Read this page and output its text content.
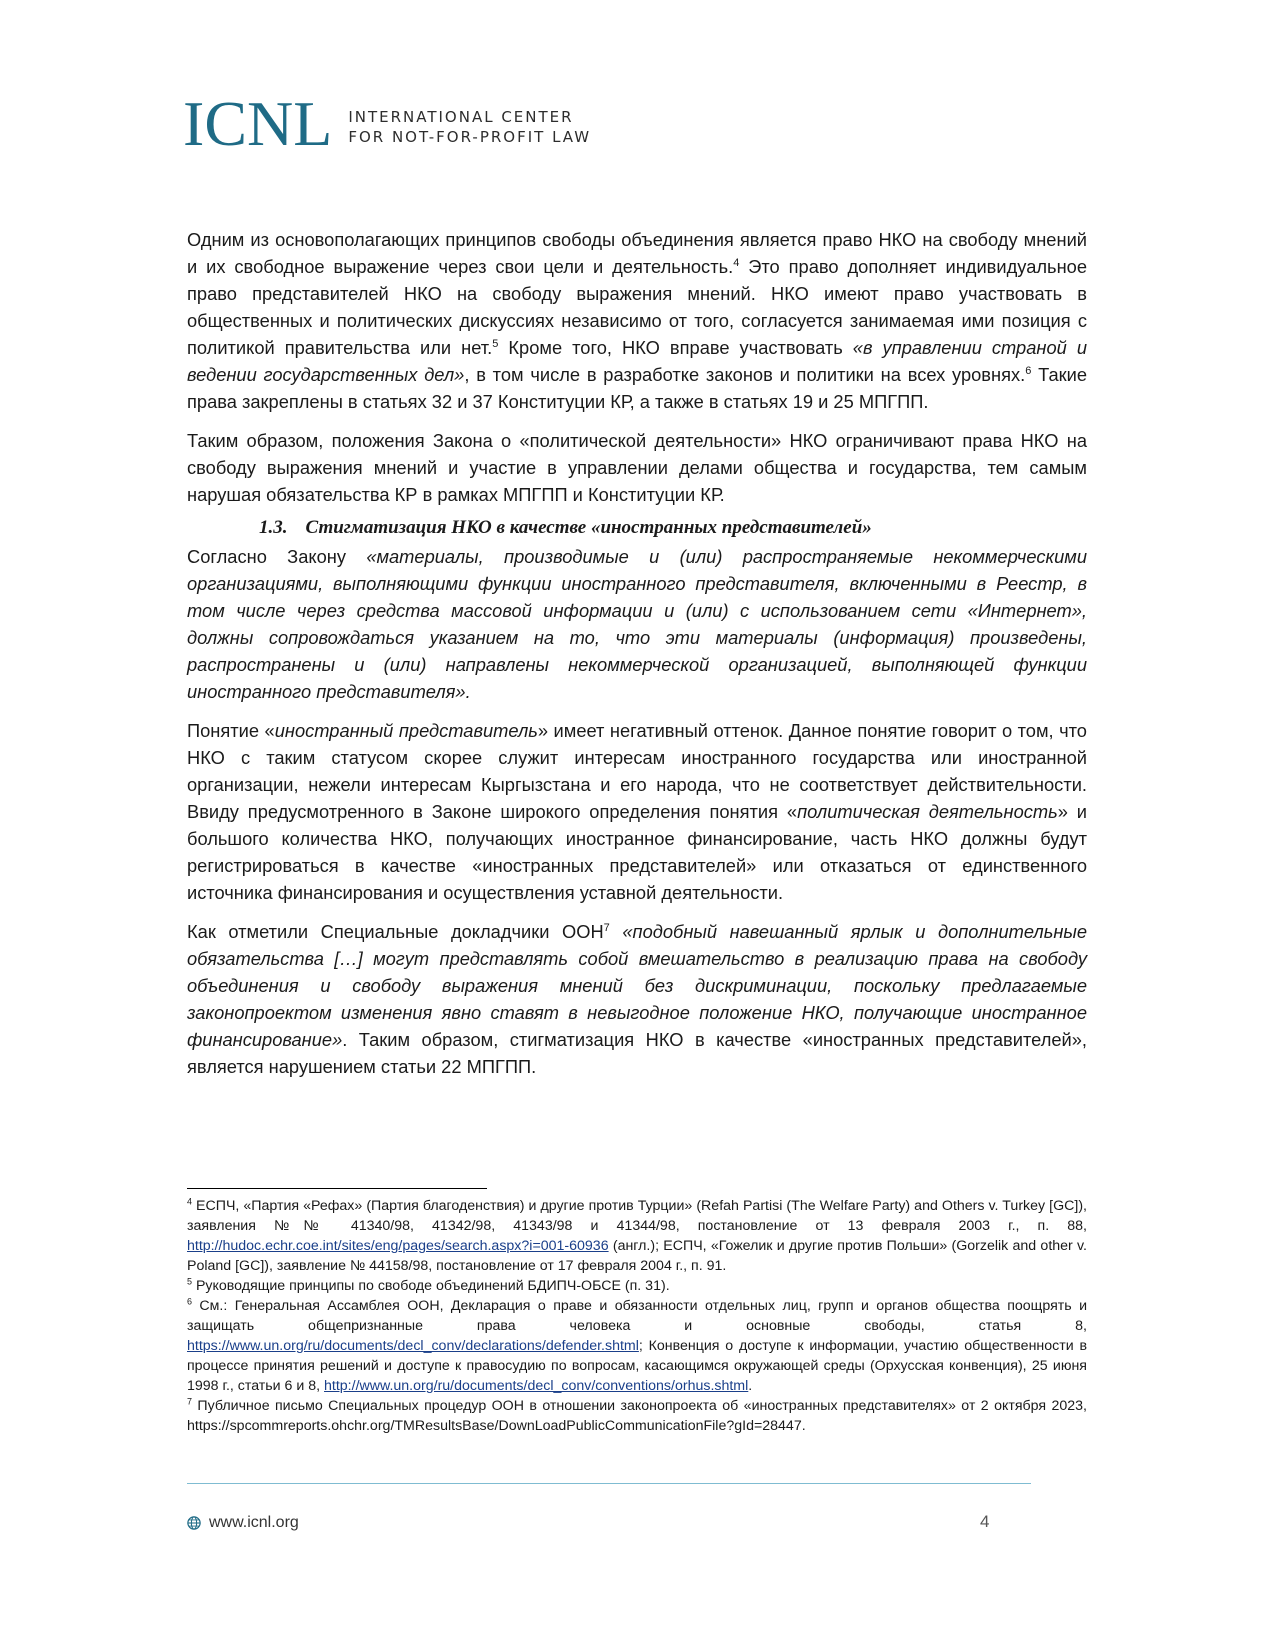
ICNL INTERNATIONAL CENTER
FOR NOT-FOR-PROFIT LAW

Одним из основополагающих принципов свободы объединения является право НКО на свободу мнений и их свободное выражение через свои цели и деятельность.$^4$ Это право дополняет индивидуальное право представителей НКО на свободу выражения мнений. НКО имеют право участвовать в общественных и политических дискуссиях независимо от того, согласуется занимаемая ими позиция с политикой правительства или нет.$^5$ Кроме того, НКО вправе участвовать «в управлении страной и ведении государственных дел», в том числе в разработке законов и политики на всех уровнях.$^6$ Такие права закреплены в статьях 32 и 37 Конституции КР, а также в статьях 19 и 25 МПГПП.

Таким образом, положения Закона о «политической деятельности» НКО ограничивают права НКО на свободу выражения мнений и участие в управлении делами общества и государства, тем самым нарушая обязательства КР в рамках МПГПП и Конституции КР.

1.3. Стигматизация НКО в качестве «иностранных представителей»

Согласно Закону «материалы, производимые и (или) распространяемые некоммерческими организациями, выполняющими функции иностранного представителя, включенными в Реестр, в том числе через средства массовой информации и (или) с использованием сети «Интернет», должны сопровождаться указанием на то, что эти материалы (информация) произведены, распространены и (или) направлены некоммерческой организацией, выполняющей функции иностранного представителя».

Понятие «иностранный представитель» имеет негативный оттенок. Данное понятие говорит о том, что НКО с таким статусом скорее служит интересам иностранного государства или иностранной организации, нежели интересам Кыргызстана и его народа, что не соответствует действительности. Ввиду предусмотренного в Законе широкого определения понятия «политическая деятельность» и большого количества НКО, получающих иностранное финансирование, часть НКО должны будут регистрироваться в качестве «иностранных представителей» или отказаться от единственного источника финансирования и осуществления уставной деятельности.

Как отметили Специальные докладчики ООН$^7$ «подобный навешанный ярлык и дополнительные обязательства […] могут представлять собой вмешательство в реализацию права на свободу объединения и свободу выражения мнений без дискриминации, поскольку предлагаемые законопроектом изменения явно ставят в невыгодное положение НКО, получающие иностранное финансирование». Таким образом, стигматизация НКО в качестве «иностранных представителей», является нарушением статьи 22 МПГПП.

$^4$ ЕСПЧ, «Партия «Рефах» (Партия благоденствия) и другие против Турции» (Refah Partisi (The Welfare Party) and Others v. Turkey [GC]), заявления №№ 41340/98, 41342/98, 41343/98 и 41344/98, постановление от 13 февраля 2003 г., п. 88, http://hudoc.echr.coe.int/sites/eng/pages/search.aspx?i=001-60936 (англ.); ЕСПЧ, «Гожелик и другие против Польши» (Gorzelik and other v. Poland [GC]), заявление № 44158/98, постановление от 17 февраля 2004 г., п. 91.

$^5$ Руководящие принципы по свободе объединений БДИПЧ-ОБСЕ (п. 31).

$^6$ См.: Генеральная Ассамблея ООН, Декларация о праве и обязанности отдельных лиц, групп и органов общества поощрять и защищать общепризнанные права человека и основные свободы, статья 8, https://www.un.org/ru/documents/decl_conv/declarations/defender.shtml; Конвенция о доступе к информации, участию общественности в процессе принятия решений и доступе к правосудию по вопросам, касающимся окружающей среды (Орхусская конвенция), 25 июня 1998 г., статьи 6 и 8, http://www.un.org/ru/documents/decl_conv/conventions/orhus.shtml.

$^7$ Публичное письмо Специальных процедур ООН в отношении законопроекта об «иностранных представителях» от 2 октября 2023, https://spcommreports.ohchr.org/TMResultsBase/DownLoadPublicCommunicationFile?gId=28447.

www.icnl.org	4
